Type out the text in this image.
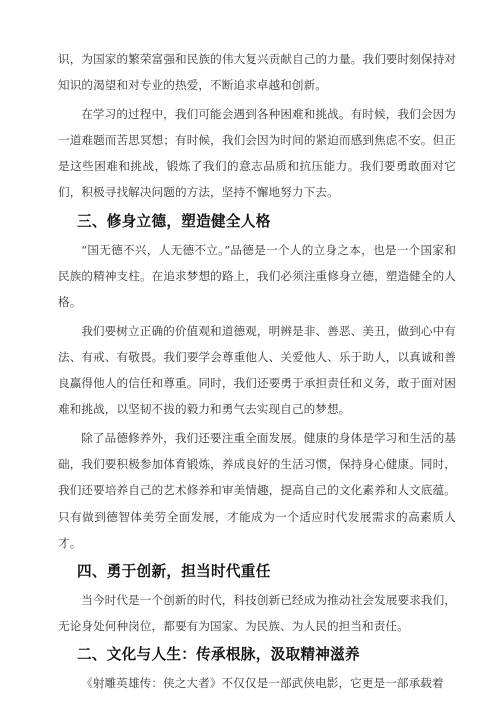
识，为国家的繁荣富强和民族的伟大复兴贡献自己的力量。我们要时刻保持对知识的渴望和对专业的热爱，不断追求卓越和创新。

在学习的过程中，我们可能会遇到各种困难和挑战。有时候，我们会因为一道难题而苦思冥想；有时候，我们会因为时间的紧迫而感到焦虑不安。但正是这些困难和挑战，锻炼了我们的意志品质和抗压能力。我们要勇敢面对它们，积极寻找解决问题的方法，坚持不懈地努力下去。

三、修身立德，塑造健全人格

“国无德不兴，人无德不立。”品德是一个人的立身之本，也是一个国家和民族的精神支柱。在追求梦想的路上，我们必须注重修身立德，塑造健全的人格。

我们要树立正确的价值观和道德观，明辨是非、善恶、美丑，做到心中有法、有戒、有敬畏。我们要学会尊重他人、关爱他人、乐于助人，以真诚和善良赢得他人的信任和尊重。同时，我们还要勇于承担责任和义务，敢于面对困难和挑战，以坚韧不拔的毅力和勇气去实现自己的梦想。

除了品德修养外，我们还要注重全面发展。健康的身体是学习和生活的基础，我们要积极参加体育锻炼，养成良好的生活习惯，保持身心健康。同时，我们还要培养自己的艺术修养和审美情趣，提高自己的文化素养和人文底蕴。只有做到德智体美劳全面发展，才能成为一个适应时代发展需求的高素质人才。

四、勇于创新，担当时代重任

当今时代是一个创新的时代，科技创新已经成为推动社会发展要求我们，无论身处何种岗位，都要有为国家、为民族、为人民的担当和责任。

二、文化与人生：传承根脉，汲取精神滋养

《射雕英雄传：侠之大者》不仅仅是一部武侠电影，它更是一部承载着
